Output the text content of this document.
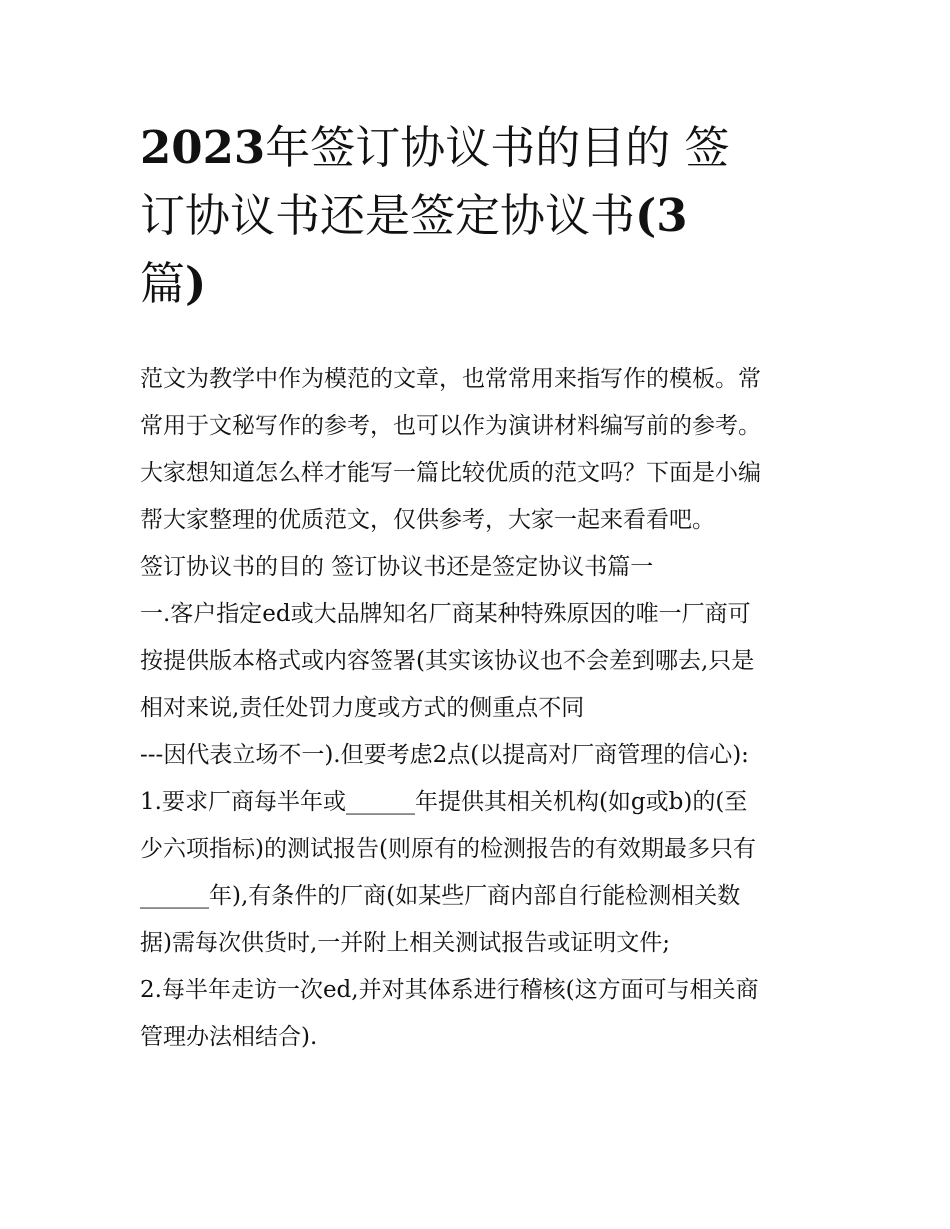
2023年签订协议书的目的 签
订协议书还是签定协议书(3
篇)

范文为教学中作为模范的文章，也常常用来指写作的模板。常

常用于文秘写作的参考，也可以作为演讲材料编写前的参考。

大家想知道怎么样才能写一篇比较优质的范文吗？下面是小编

帮大家整理的优质范文，仅供参考，大家一起来看看吧。

签订协议书的目的 签订协议书还是签定协议书篇一

一.客户指定ed或大品牌知名厂商某种特殊原因的唯一厂商可

按提供版本格式或内容签署(其实该协议也不会差到哪去,只是

相对来说,责任处罚力度或方式的侧重点不同

---因代表立场不一).但要考虑2点(以提高对厂商管理的信心):

1.要求厂商每半年或______年提供其相关机构(如g或b)的(至

少六项指标)的测试报告(则原有的检测报告的有效期最多只有

______年),有条件的厂商(如某些厂商内部自行能检测相关数

据)需每次供货时,一并附上相关测试报告或证明文件;

2.每半年走访一次ed,并对其体系进行稽核(这方面可与相关商

管理办法相结合).
